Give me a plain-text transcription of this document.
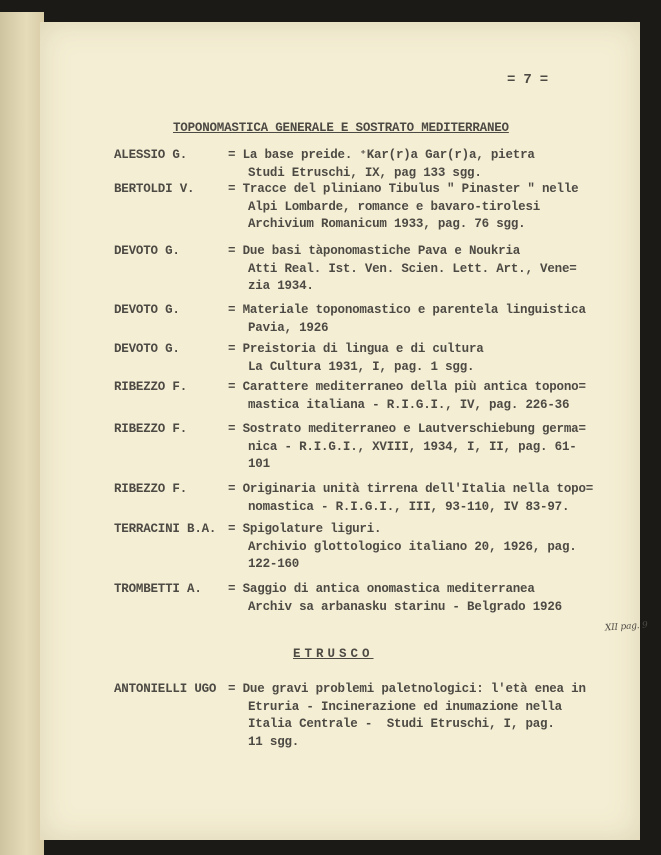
= 7 =
TOPONOMASTICA GENERALE E SOSTRATO MEDITERRANEO
ALESSIO G.	= La base preide. ⁺Kar(r)a Gar(r)a, pietra
Studi Etruschi, IX, pag 133 sgg.
BERTOLDI V.	= Tracce del pliniano Tibulus " Pinaster " nelle
Alpi Lombarde, romance e bavaro-tirolesi
Archivium Romanicum 1933, pag. 76 sgg.
DEVOTO G.	= Due basi tàponomastiche Pava e Noukria
Atti Real. Ist. Ven. Scien. Lett. Art., Vene=
zia 1934.
DEVOTO G.	= Materiale toponomastico e parentela linguistica
Pavia, 1926
DEVOTO G.	= Preistoria di lingua e di cultura
La Cultura 1931, I, pag. 1 sgg.
RIBEZZO F.	= Carattere mediterraneo della più antica topono=
mastica italiana - R.I.G.I., IV, pag. 226-36
RIBEZZO F.	= Sostrato mediterraneo e Lautverschiebung germa=
nica - R.I.G.I., XVIII, 1934, I, II, pag. 61-
101
RIBEZZO F.	= Originaria unità tirrena dell'Italia nella topo=
nomastica - R.I.G.I., III, 93-110, IV 83-97.
TERRACINI B.A. = Spigolature liguri.
Archivio glottologico italiano 20, 1926, pag.
122-160
TROMBETTI A. = Saggio di antica onomastica mediterranea
Archiv sa arbanasku starinu - Belgrado 1926
XII pag. 9
ETRUSCO
ANTONIELLI UGO = Due gravi problemi paletnologici: l'età enea in
Etruria - Incinerazione ed inumazione nella
Italia Centrale -  Studi Etruschi, I, pag.
11 sgg.
